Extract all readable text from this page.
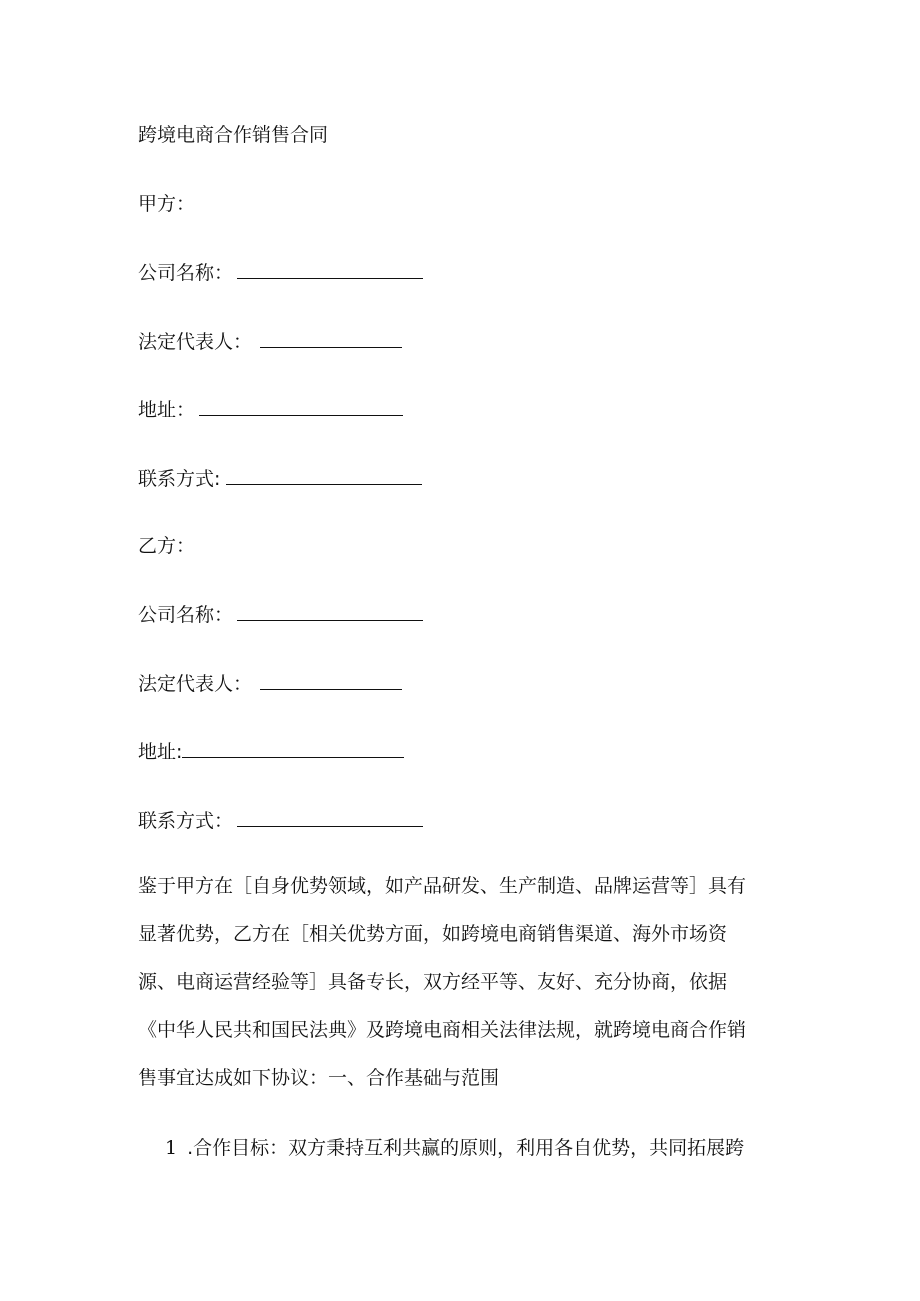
跨境电商合作销售合同
甲方：
公司名称：
法定代表人：
地址：
联系方式:
乙方：
公司名称：
法定代表人：
地址:
联系方式：
鉴于甲方在［自身优势领域，如产品研发、生产制造、品牌运营等］具有
显著优势，乙方在［相关优势方面，如跨境电商销售渠道、海外市场资
源、电商运营经验等］具备专长，双方经平等、友好、充分协商，依据
《中华人民共和国民法典》及跨境电商相关法律法规，就跨境电商合作销
售事宜达成如下协议：一、合作基础与范围
1 .合作目标：双方秉持互利共赢的原则，利用各自优势，共同拓展跨
